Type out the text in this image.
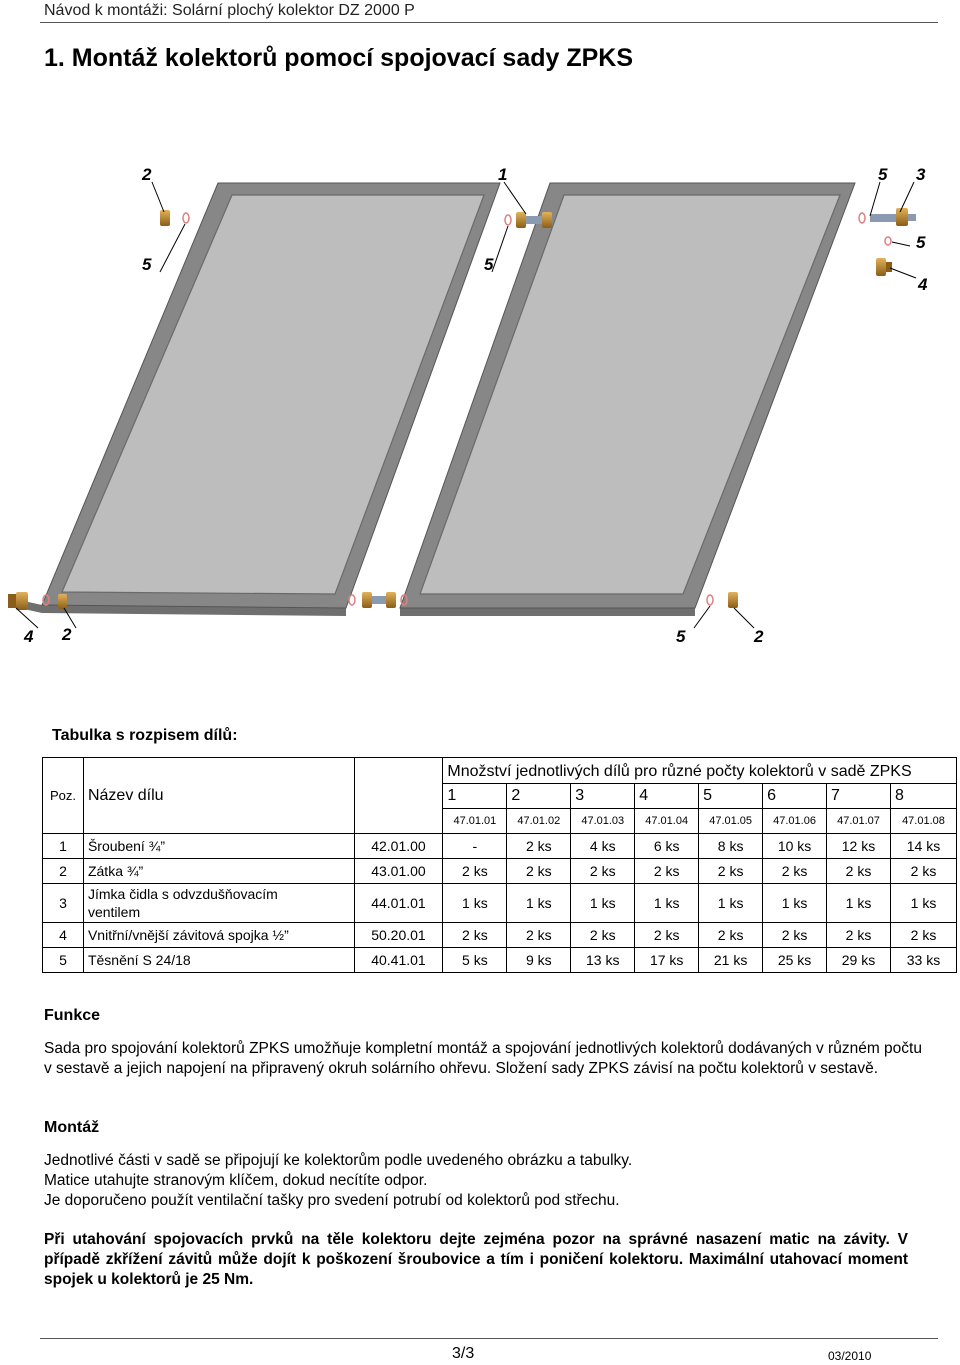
Návod k montáži: Solární plochý kolektor DZ 2000 P
1. Montáž kolektorů pomocí spojovací sady ZPKS
2	1	5 3
5	5
5
4
4 2	5	2
Tabulka s rozpisem dílů:
Poz.	Název dílu		Množství jednotlivých dílů pro různé počty kolektorů v sadě ZPKS							
			1	2	3	4	5	6	7	8
			47.01.01	47.01.02	47.01.03	47.01.04	47.01.05	47.01.06	47.01.07	47.01.08
1	Šroubení ¾”	42.01.00	-	2 ks	4 ks	6 ks	8 ks	10 ks	12 ks	14 ks
2	Zátka ¾”	43.01.00	2 ks	2 ks	2 ks	2 ks	2 ks	2 ks	2 ks	2 ks
3	Jímka čidla s odvzdušňovacím ventilem	44.01.01	1 ks	1 ks	1 ks	1 ks	1 ks	1 ks	1 ks	1 ks
4	Vnitřní/vnější závitová spojka ½”	50.20.01	2 ks	2 ks	2 ks	2 ks	2 ks	2 ks	2 ks	2 ks
5	Těsnění S 24/18	40.41.01	5 ks	9 ks	13 ks	17 ks	21 ks	25 ks	29 ks	33 ks
Funkce

Sada pro spojování kolektorů ZPKS umožňuje kompletní montáž a spojování jednotlivých kolektorů dodávaných v různém počtu v sestavě a jejich napojení na připravený okruh solárního ohřevu. Složení sady ZPKS závisí na počtu kolektorů v sestavě.

Montáž

Jednotlivé části v sadě se připojují ke kolektorům podle uvedeného obrázku a tabulky.

Matice utahujte stranovým klíčem, dokud necítíte odpor.

Je doporučeno použít ventilační tašky pro svedení potrubí od kolektorů pod střechu.

Při utahování spojovacích prvků na těle kolektoru dejte zejména pozor na správné nasazení matic na závity. V případě zkřížení závitů může dojít k poškození šroubovice a tím i poničení kolektoru. Maximální utahovací moment spojek u kolektorů je 25 Nm.

3/3	03/2010
